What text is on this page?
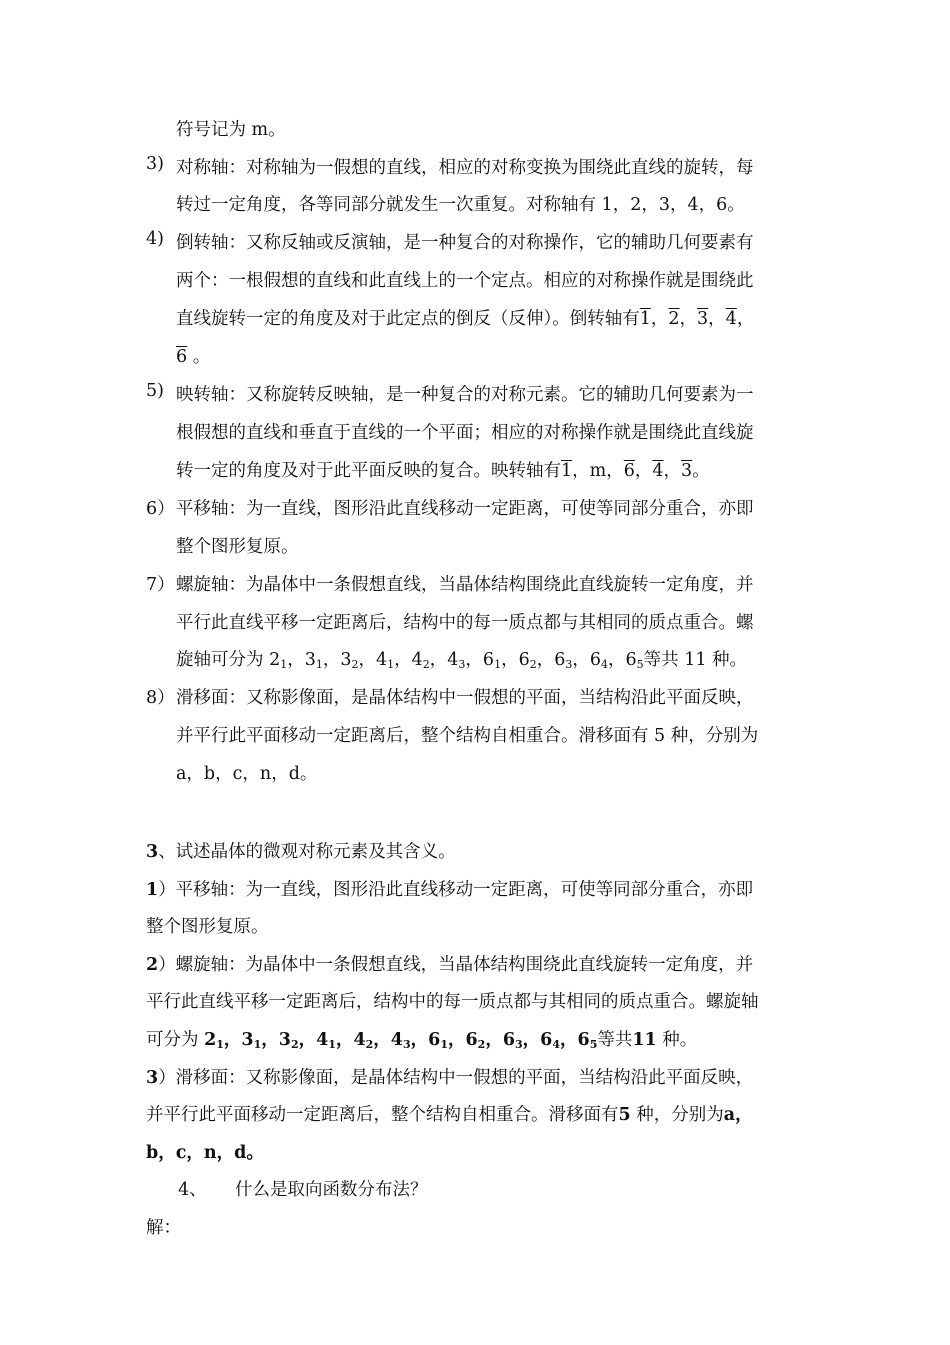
符号记为 m。
3) 对称轴：对称轴为一假想的直线，相应的对称变换为围绕此直线的旋转，每
转过一定角度，各等同部分就发生一次重复。对称轴有 1，2，3，4，6。
4) 倒转轴：又称反轴或反演轴，是一种复合的对称操作，它的辅助几何要素有
两个：一根假想的直线和此直线上的一个定点。相应的对称操作就是围绕此
直线旋转一定的角度及对于此定点的倒反（反伸）。倒转轴有1，2，3，4，
6 。
5) 映转轴：又称旋转反映轴，是一种复合的对称元素。它的辅助几何要素为一
根假想的直线和垂直于直线的一个平面；相应的对称操作就是围绕此直线旋
转一定的角度及对于此平面反映的复合。映转轴有1，m，6，4，3。
6） 平移轴：为一直线，图形沿此直线移动一定距离，可使等同部分重合，亦即
整个图形复原。
7） 螺旋轴：为晶体中一条假想直线，当晶体结构围绕此直线旋转一定角度，并
平行此直线平移一定距离后，结构中的每一质点都与其相同的质点重合。螺
旋轴可分为 $2_1$，$3_1$，$3_2$，$4_1$，$4_2$，$4_3$，$6_1$，$6_2$，$6_3$，$6_4$，$6_5$等共 11 种。
8） 滑移面：又称影像面，是晶体结构中一假想的平面，当结构沿此平面反映，
并平行此平面移动一定距离后，整个结构自相重合。滑移面有 5 种，分别为
a，b，c，n，d。
3、试述晶体的微观对称元素及其含义。
1）平移轴：为一直线，图形沿此直线移动一定距离，可使等同部分重合，亦即
整个图形复原。
2）螺旋轴：为晶体中一条假想直线，当晶体结构围绕此直线旋转一定角度，并
平行此直线平移一定距离后，结构中的每一质点都与其相同的质点重合。螺旋轴
可分为 $2_1$，$3_1$，$3_2$，$4_1$，$4_2$，$4_3$，$6_1$，$6_2$，$6_3$，$6_4$，$6_5$等共11 种。
3）滑移面：又称影像面，是晶体结构中一假想的平面，当结构沿此平面反映，
并平行此平面移动一定距离后，整个结构自相重合。滑移面有5 种，分别为a，
b，c，n，d。
4、 什么是取向函数分布法？
解：
